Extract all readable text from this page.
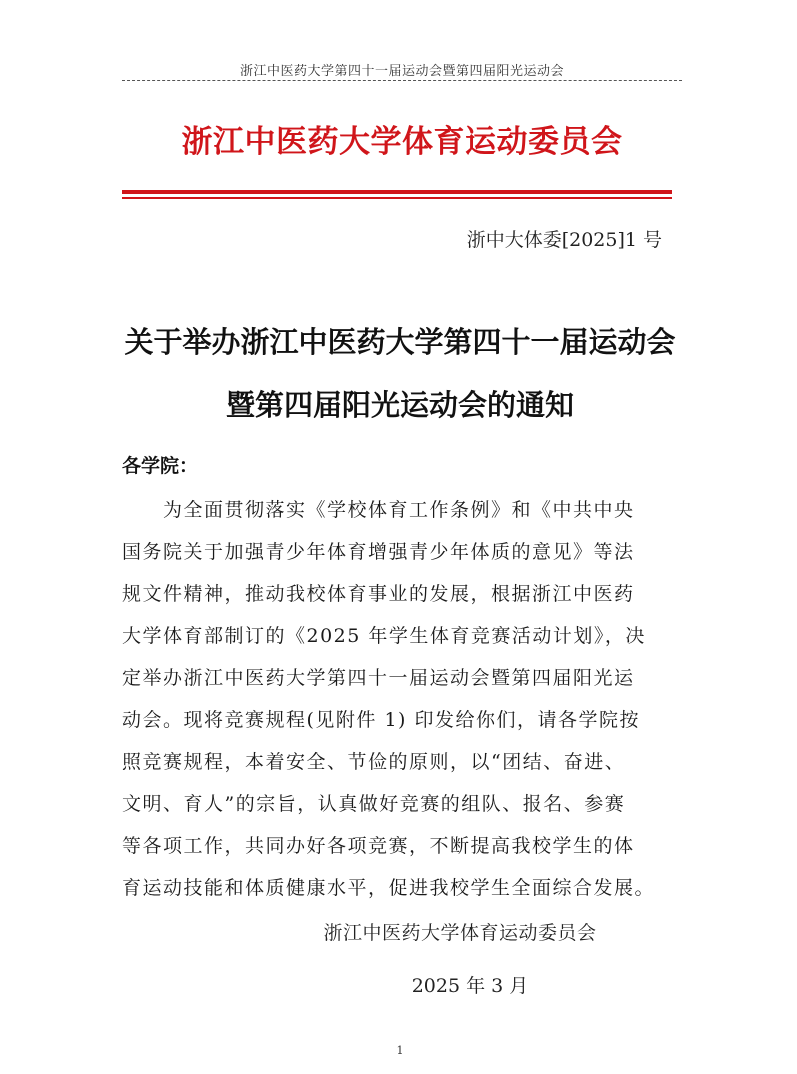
浙江中医药大学第四十一届运动会暨第四届阳光运动会
浙江中医药大学体育运动委员会
浙中大体委[2025]1 号
关于举办浙江中医药大学第四十一届运动会
暨第四届阳光运动会的通知
各学院：
　　为全面贯彻落实《学校体育工作条例》和《中共中央
国务院关于加强青少年体育增强青少年体质的意见》等法
规文件精神，推动我校体育事业的发展，根据浙江中医药
大学体育部制订的《2025 年学生体育竞赛活动计划》，决
定举办浙江中医药大学第四十一届运动会暨第四届阳光运
动会。现将竞赛规程(见附件 1) 印发给你们，请各学院按
照竞赛规程，本着安全、节俭的原则，以“团结、奋进、
文明、育人”的宗旨，认真做好竞赛的组队、报名、参赛
等各项工作，共同办好各项竞赛，不断提高我校学生的体
育运动技能和体质健康水平，促进我校学生全面综合发展。
浙江中医药大学体育运动委员会
2025 年 3 月
1
